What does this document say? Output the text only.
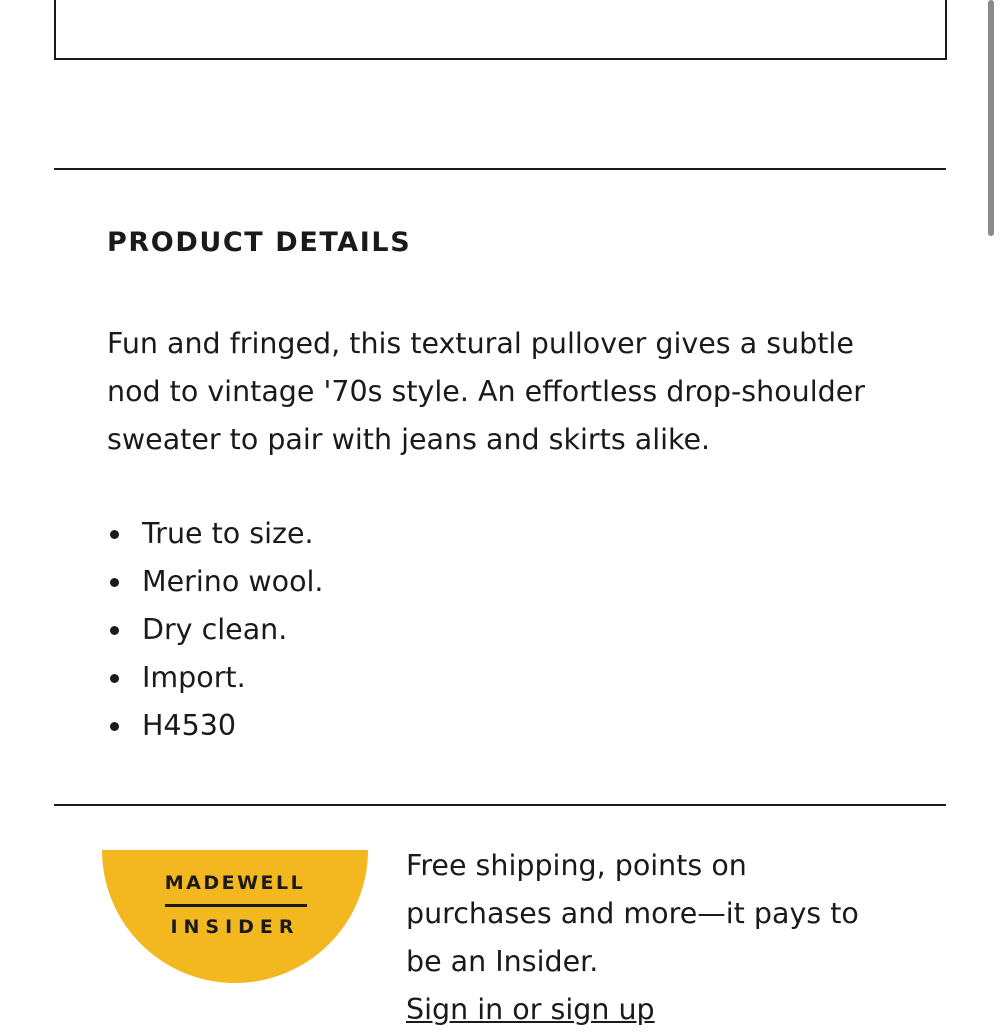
PRODUCT DETAILS

Fun and fringed, this textural pullover gives a subtle nod to vintage '70s style. An effortless drop-shoulder sweater to pair with jeans and skirts alike.

True to size.
Merino wool.
Dry clean.
Import.
H4530
MADEWELL
INSIDER

Free shipping, points on purchases and more—it pays to be an Insider.

Sign in or sign up
